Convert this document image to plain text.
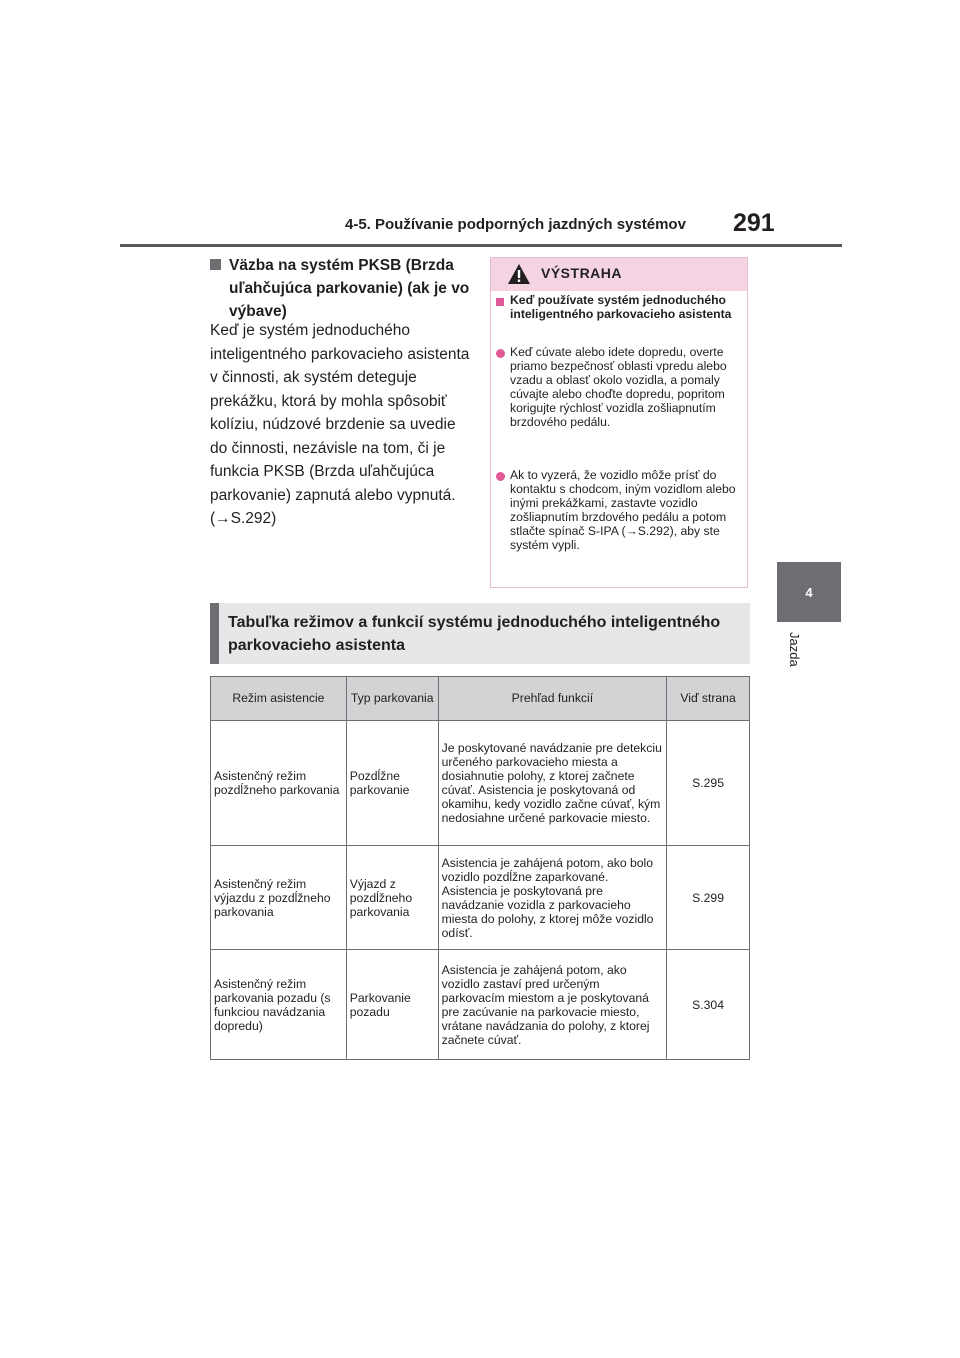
4-5. Používanie podporných jazdných systémov 291
4
Jazda
Väzba na systém PKSB (Brzda uľahčujúca parkovanie) (ak je vo výbave)
Keď je systém jednoduchého inteligentného parkovacieho asistenta v činnosti, ak systém deteguje prekážku, ktorá by mohla spôsobiť kolíziu, núdzové brzdenie sa uvedie do činnosti, nezávisle na tom, či je funkcia PKSB (Brzda uľahčujúca parkovanie) zapnutá alebo vypnutá. (→S.292)
VÝSTRAHA
Keď používate systém jednoduchého inteligentného parkovacieho asistenta
Keď cúvate alebo idete dopredu, overte priamo bezpečnosť oblasti vpredu alebo vzadu a oblasť okolo vozidla, a pomaly cúvajte alebo choďte dopredu, popritom korigujte rýchlosť vozidla zošliapnutím brzdového pedálu.
Ak to vyzerá, že vozidlo môže prísť do kontaktu s chodcom, iným vozidlom alebo inými prekážkami, zastavte vozidlo zošliapnutím brzdového pedálu a potom stlačte spínač S-IPA (→S.292), aby ste systém vypli.
Tabuľka režimov a funkcií systému jednoduchého inteligentného parkovacieho asistenta
Režim asistencie	Typ parkovania	Prehľad funkcií	Viď strana
Asistenčný režim pozdĺžneho parkovania	Pozdĺžne parkovanie	Je poskytované navádzanie pre detekciu určeného parkovacieho miesta a dosiahnutie polohy, z ktorej začnete cúvať. Asistencia je poskytovaná od okamihu, kedy vozidlo začne cúvať, kým nedosiahne určené parkovacie miesto.	S.295
Asistenčný režim výjazdu z pozdĺžneho parkovania	Výjazd z pozdĺžneho parkovania	Asistencia je zahájená potom, ako bolo vozidlo pozdĺžne zaparkované. Asistencia je poskytovaná pre navádzanie vozidla z parkovacieho miesta do polohy, z ktorej môže vozidlo odísť.	S.299
Asistenčný režim parkovania pozadu (s funkciou navádzania dopredu)	Parkovanie pozadu	Asistencia je zahájená potom, ako vozidlo zastaví pred určeným parkovacím miestom a je poskytovaná pre zacúvanie na parkovacie miesto, vrátane navádzania do polohy, z ktorej začnete cúvať.	S.304
